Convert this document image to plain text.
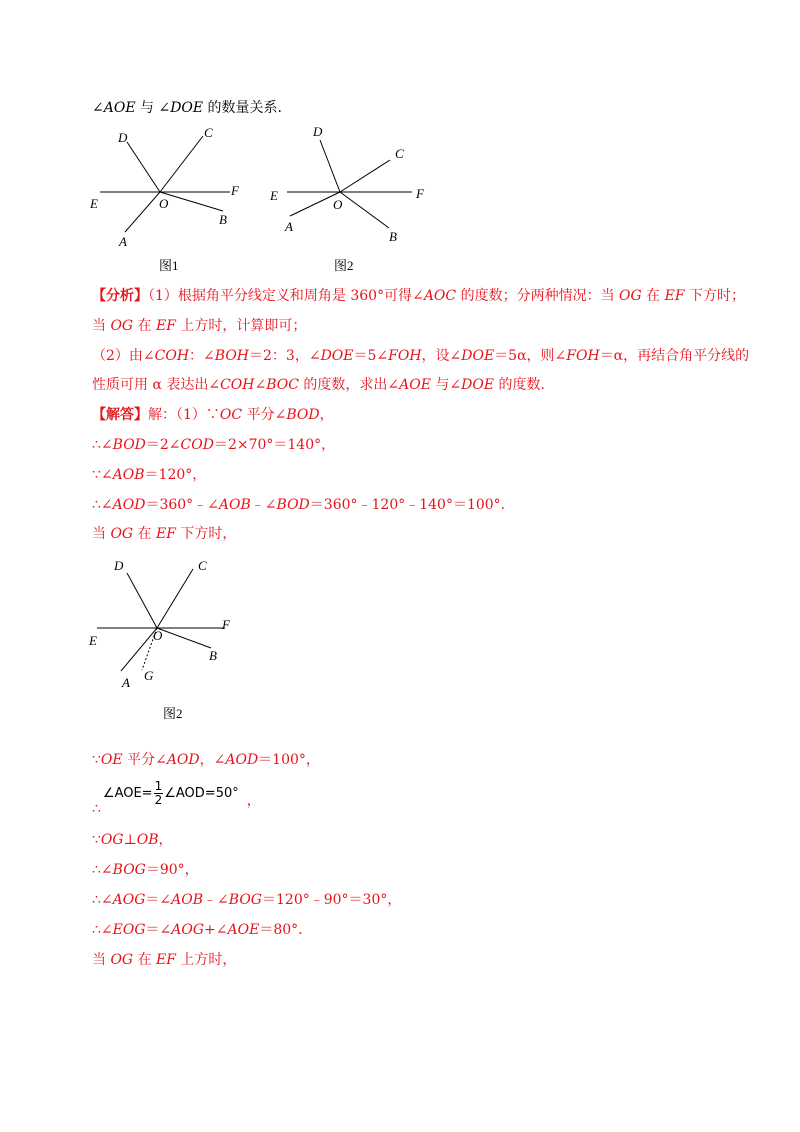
∠AOE 与 ∠DOE 的数量关系.
D	C
E	O
F
B
A
图1
D
C
E
O
F
B
A
图2
【分析】（1）根据角平分线定义和周角是 360°可得∠AOC 的度数；分两种情况：当 OG 在 EF 下方时；
当 OG 在 EF 上方时，计算即可；
（2）由∠COH：∠BOH＝2：3，∠DOE＝5∠FOH，设∠DOE＝5α，则∠FOH＝α，再结合角平分线的
性质可用 α 表达出∠COH∠BOC 的度数，求出∠AOE 与∠DOE 的度数.
【解答】解：（1）∵OC 平分∠BOD，
∴∠BOD＝2∠COD＝2×70°＝140°，
∵∠AOB＝120°，
∴∠AOD＝360°﹣∠AOB﹣∠BOD＝360°﹣120°﹣140°＝100°.
当 OG 在 EF 下方时，
D	C
E	O
F
B
A G
图2
∵OE 平分∠AOD，∠AOD＝100°，
∴∠AOE= $\frac{1}{2}$ ∠AOD=50° ，
∵OG⊥OB，
∴∠BOG＝90°，
∴∠AOG＝∠AOB﹣∠BOG＝120°﹣90°＝30°，
∴∠EOG＝∠AOG+∠AOE＝80°.
当 OG 在 EF 上方时，
